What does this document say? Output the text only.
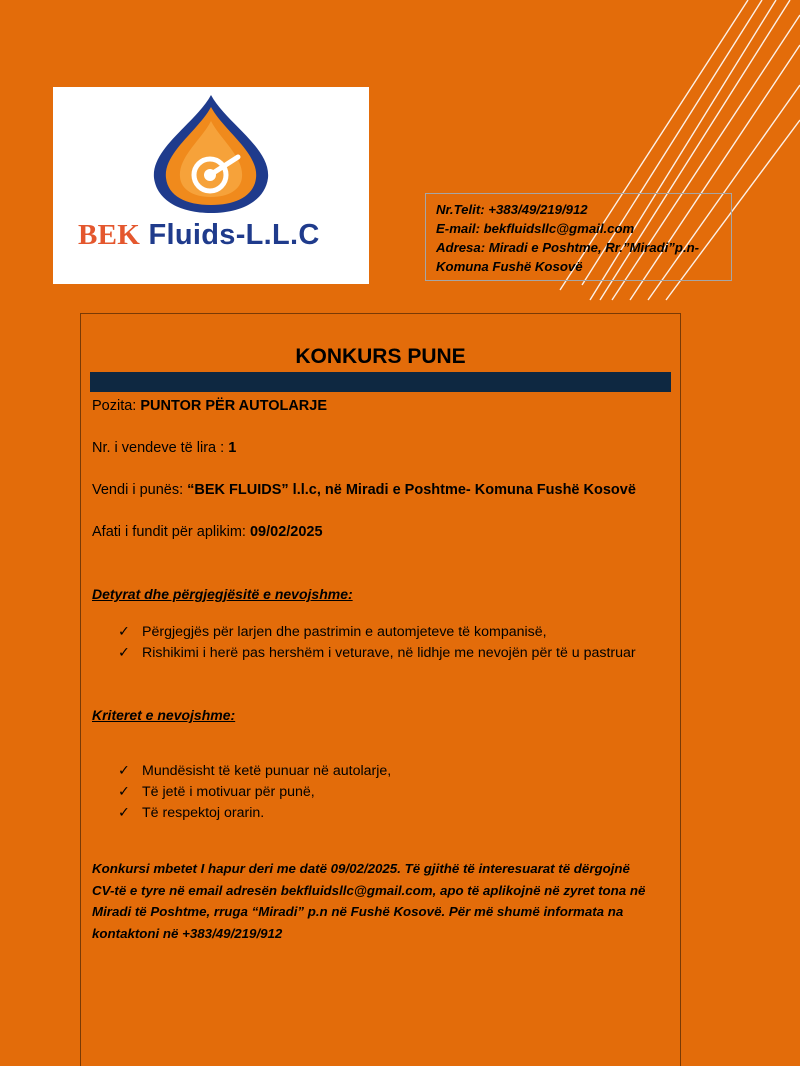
BEK Fluids-L.L.C
Nr.Telit: +383/49/219/912
E-mail: bekfluidsllc@gmail.com
Adresa: Miradi e Poshtme, Rr.”Miradi”p.n-
Komuna Fushë Kosovë
KONKURS PUNE
Pozita: PUNTOR PËR AUTOLARJE
Nr. i vendeve të lira : 1
Vendi i punës: “BEK FLUIDS” l.l.c, në Miradi e Poshtme- Komuna Fushë Kosovë
Afati i fundit për aplikim: 09/02/2025
Detyrat dhe përgjegjësitë e nevojshme:
✓ Përgjegjës për larjen dhe pastrimin e automjeteve të kompanisë,
✓ Rishikimi i herë pas hershëm i veturave, në lidhje me nevojën për të u pastruar
Kriteret e nevojshme:
✓ Mundësisht të ketë punuar në autolarje,
✓ Të jetë i motivuar për punë,
✓ Të respektoj orarin.
Konkursi mbetet I hapur deri me datë 09/02/2025. Të gjithë të interesuarat të dërgojnë CV-të e tyre në email adresën bekfluidsllc@gmail.com, apo të aplikojnë në zyret tona në Miradi të Poshtme, rruga “Miradi” p.n në Fushë Kosovë. Për më shumë informata na kontaktoni në +383/49/219/912
